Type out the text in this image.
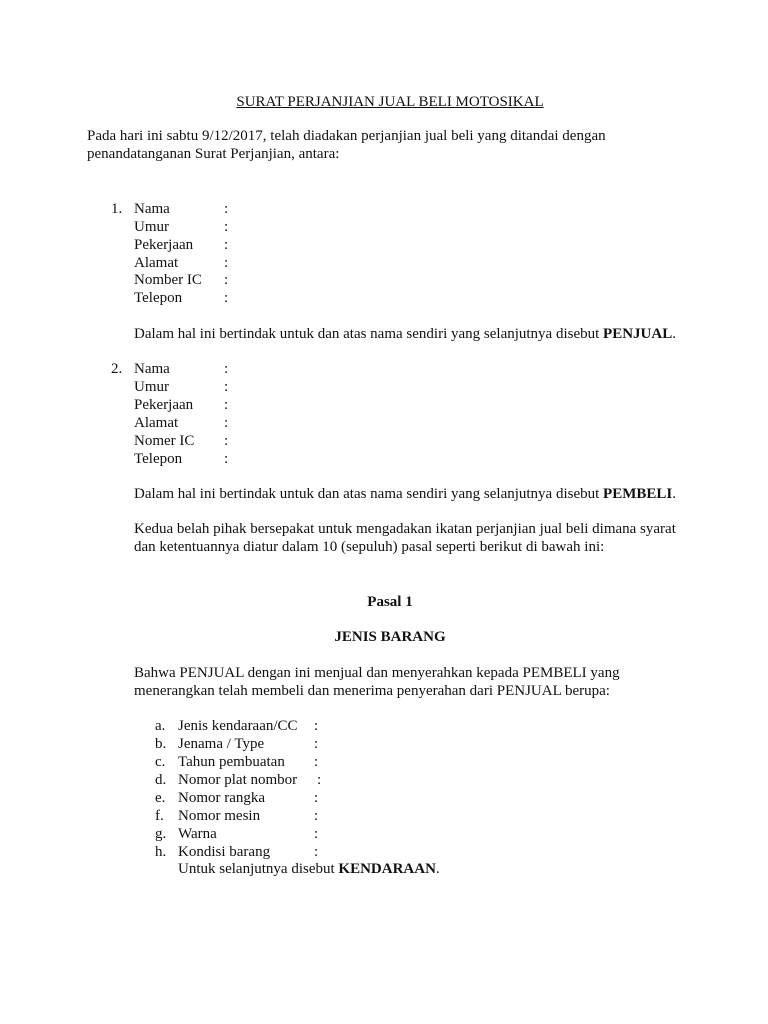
SURAT PERJANJIAN JUAL BELI MOTOSIKAL
Pada hari ini sabtu 9/12/2017, telah diadakan perjanjian jual beli yang ditandai dengan
penandatanganan Surat Perjanjian, antara:
1. Nama	:
Umur	:
Pekerjaan :
Alamat	:
Nomber IC :
Telepon	:
Dalam hal ini bertindak untuk dan atas nama sendiri yang selanjutnya disebut PENJUAL.
2. Nama	:
Umur	:
Pekerjaan :
Alamat	:
Nomer IC :
Telepon	:
Dalam hal ini bertindak untuk dan atas nama sendiri yang selanjutnya disebut PEMBELI.
Kedua belah pihak bersepakat untuk mengadakan ikatan perjanjian jual beli dimana syarat
dan ketentuannya diatur dalam 10 (sepuluh) pasal seperti berikut di bawah ini:
Pasal 1
JENIS BARANG
Bahwa PENJUAL dengan ini menjual dan menyerahkan kepada PEMBELI yang
menerangkan telah membeli dan menerima penyerahan dari PENJUAL berupa:
a. Jenis kendaraan/CC :
b. Jenama / Type	:
c. Tahun pembuatan :
d. Nomor plat nombor :
e. Nomor rangka	:
f. Nomor mesin	:
g. Warna	:
h. Kondisi barang	:
Untuk selanjutnya disebut KENDARAAN.
